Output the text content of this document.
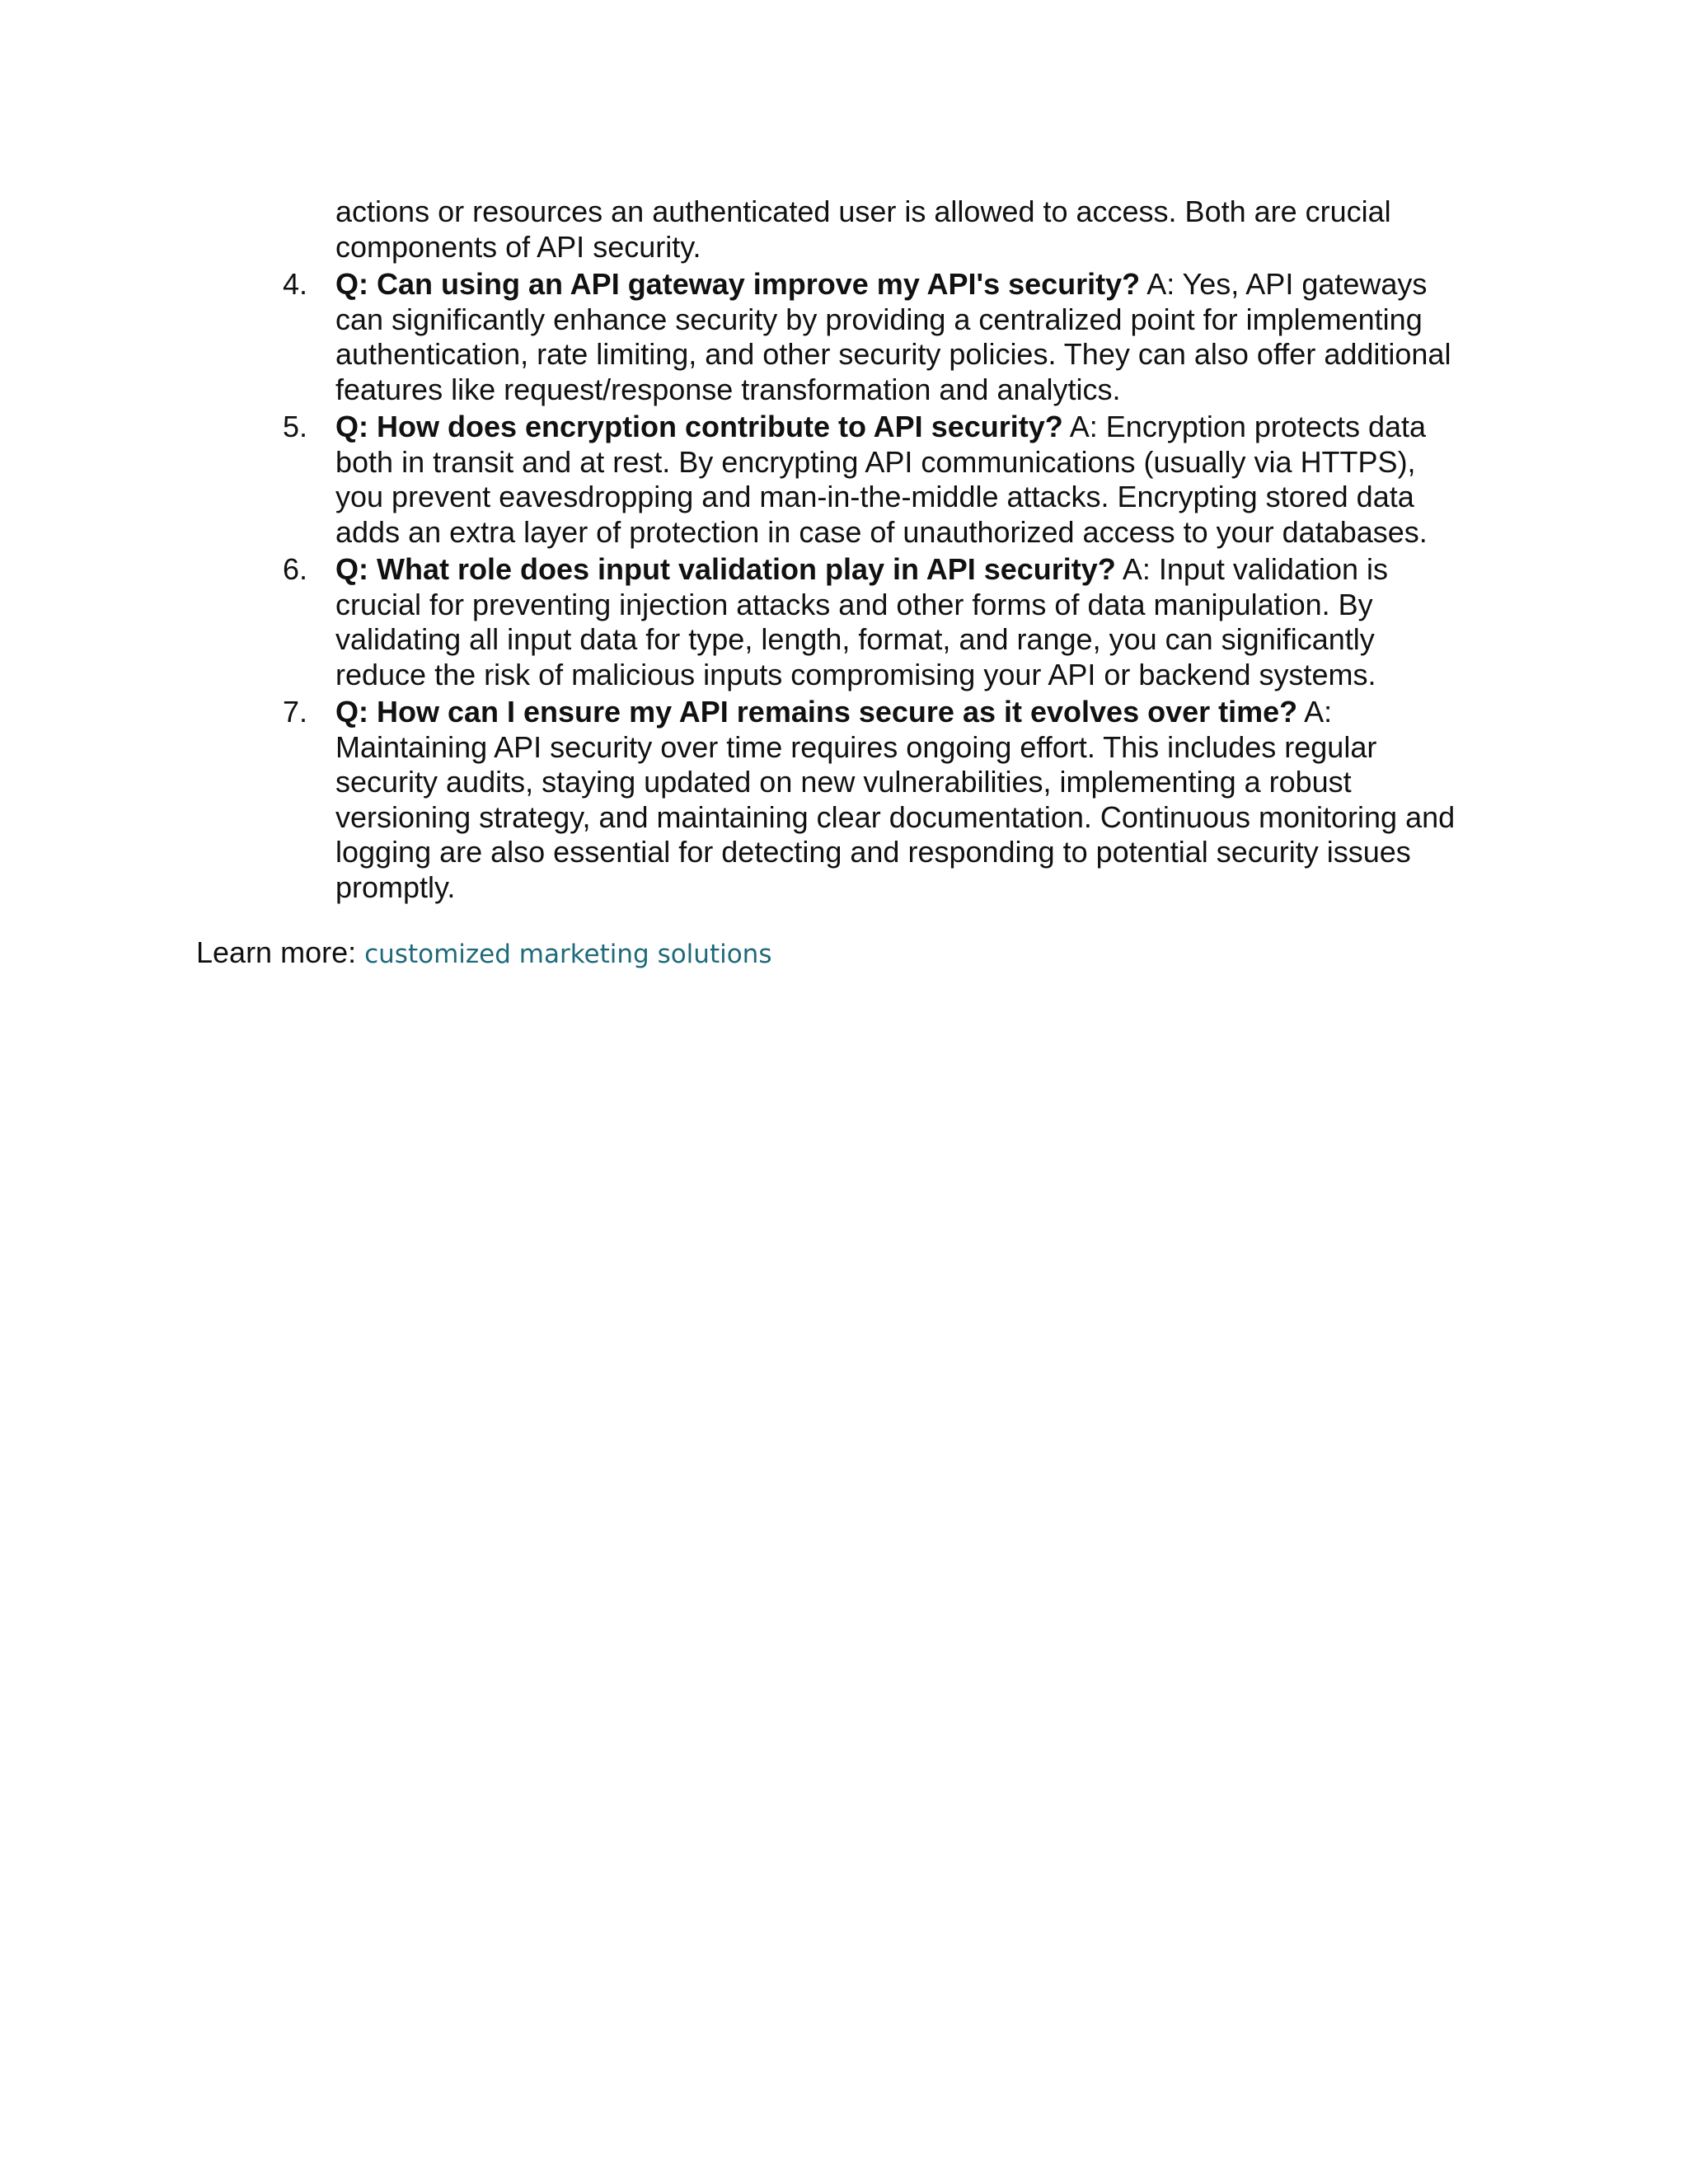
actions or resources an authenticated user is allowed to access. Both are crucial
components of API security.
4. Q: Can using an API gateway improve my API's security? A: Yes, API gateways
can significantly enhance security by providing a centralized point for implementing
authentication, rate limiting, and other security policies. They can also offer additional
features like request/response transformation and analytics.
5. Q: How does encryption contribute to API security? A: Encryption protects data
both in transit and at rest. By encrypting API communications (usually via HTTPS),
you prevent eavesdropping and man-in-the-middle attacks. Encrypting stored data
adds an extra layer of protection in case of unauthorized access to your databases.
6. Q: What role does input validation play in API security? A: Input validation is
crucial for preventing injection attacks and other forms of data manipulation. By
validating all input data for type, length, format, and range, you can significantly
reduce the risk of malicious inputs compromising your API or backend systems.
7. Q: How can I ensure my API remains secure as it evolves over time? A:
Maintaining API security over time requires ongoing effort. This includes regular
security audits, staying updated on new vulnerabilities, implementing a robust
versioning strategy, and maintaining clear documentation. Continuous monitoring and
logging are also essential for detecting and responding to potential security issues
promptly.
Learn more: customized marketing solutions
